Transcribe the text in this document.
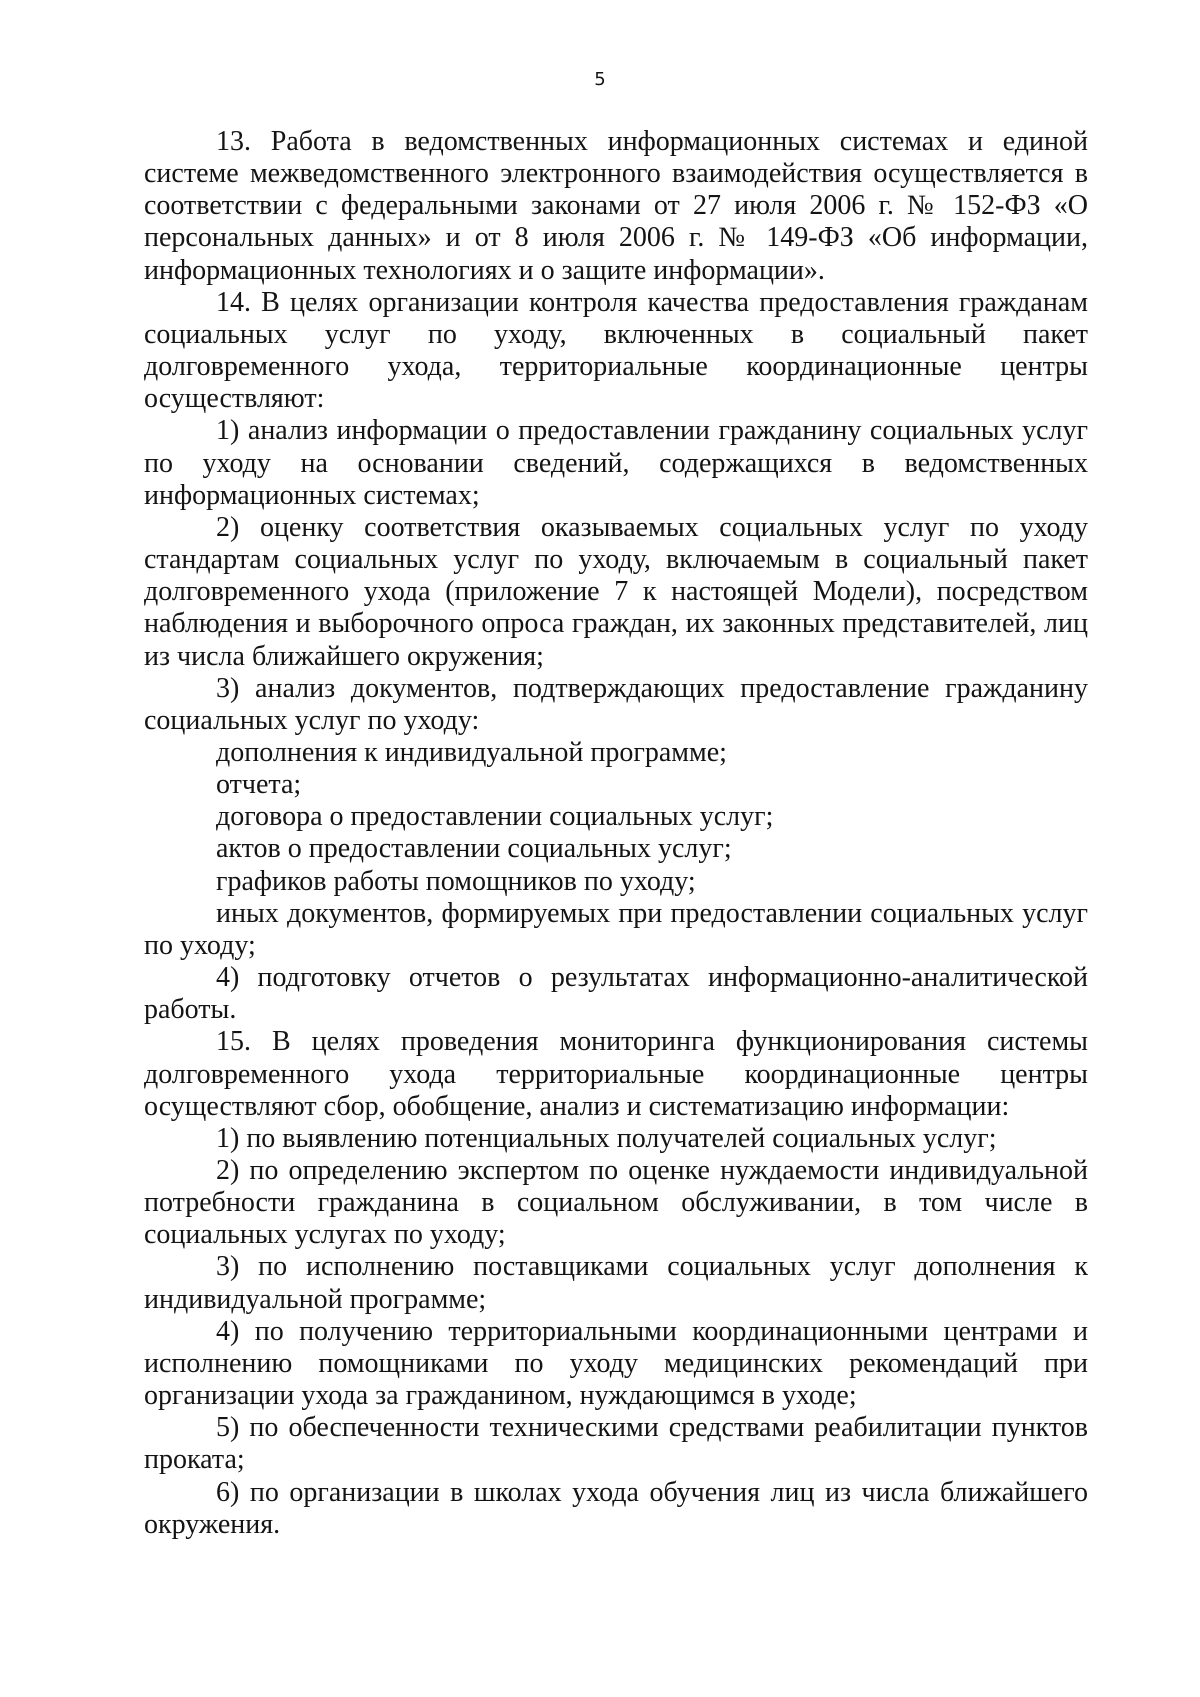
5

13. Работа в ведомственных информационных системах и единой системе межведомственного электронного взаимодействия осуществляется в соответствии с федеральными законами от 27 июля 2006 г. № 152-ФЗ «О персональных данных» и от 8 июля 2006 г. № 149-ФЗ «Об информации, информационных технологиях и о защите информации».

14. В целях организации контроля качества предоставления гражданам социальных услуг по уходу, включенных в социальный пакет долговременного ухода, территориальные координационные центры осуществляют:

1) анализ информации о предоставлении гражданину социальных услуг по уходу на основании сведений, содержащихся в ведомственных информационных системах;

2) оценку соответствия оказываемых социальных услуг по уходу стандартам социальных услуг по уходу, включаемым в социальный пакет долговременного ухода (приложение 7 к настоящей Модели), посредством наблюдения и выборочного опроса граждан, их законных представителей, лиц из числа ближайшего окружения;

3) анализ документов, подтверждающих предоставление гражданину социальных услуг по уходу:

дополнения к индивидуальной программе;

отчета;

договора о предоставлении социальных услуг;

актов о предоставлении социальных услуг;

графиков работы помощников по уходу;

иных документов, формируемых при предоставлении социальных услуг по уходу;

4) подготовку отчетов о результатах информационно-аналитической работы.

15. В целях проведения мониторинга функционирования системы долговременного ухода территориальные координационные центры осуществляют сбор, обобщение, анализ и систематизацию информации:

1) по выявлению потенциальных получателей социальных услуг;

2) по определению экспертом по оценке нуждаемости индивидуальной потребности гражданина в социальном обслуживании, в том числе в социальных услугах по уходу;

3) по исполнению поставщиками социальных услуг дополнения к индивидуальной программе;

4) по получению территориальными координационными центрами и исполнению помощниками по уходу медицинских рекомендаций при организации ухода за гражданином, нуждающимся в уходе;

5) по обеспеченности техническими средствами реабилитации пунктов проката;

6) по организации в школах ухода обучения лиц из числа ближайшего окружения.
